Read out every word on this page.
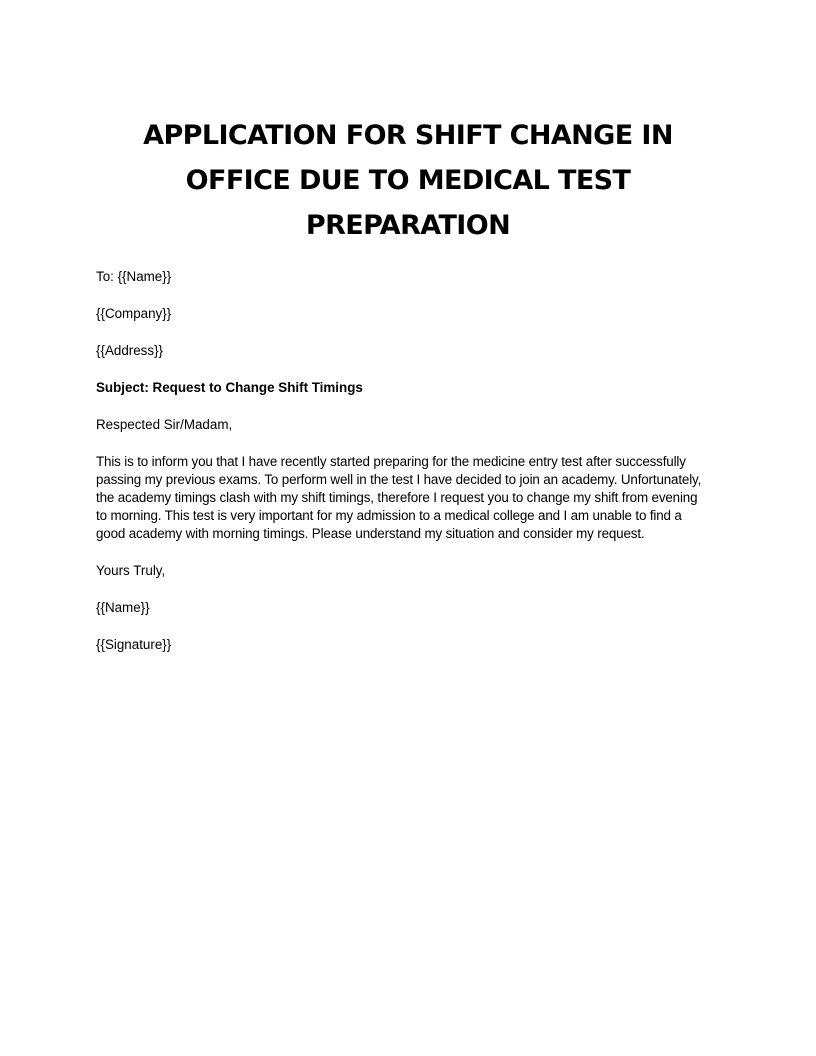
APPLICATION FOR SHIFT CHANGE IN
OFFICE DUE TO MEDICAL TEST
PREPARATION

To: {{Name}}

{{Company}}

{{Address}}

Subject: Request to Change Shift Timings

Respected Sir/Madam,

This is to inform you that I have recently started preparing for the medicine entry test after successfully
passing my previous exams. To perform well in the test I have decided to join an academy. Unfortunately,
the academy timings clash with my shift timings, therefore I request you to change my shift from evening
to morning. This test is very important for my admission to a medical college and I am unable to find a
good academy with morning timings. Please understand my situation and consider my request.

Yours Truly,

{{Name}}

{{Signature}}
